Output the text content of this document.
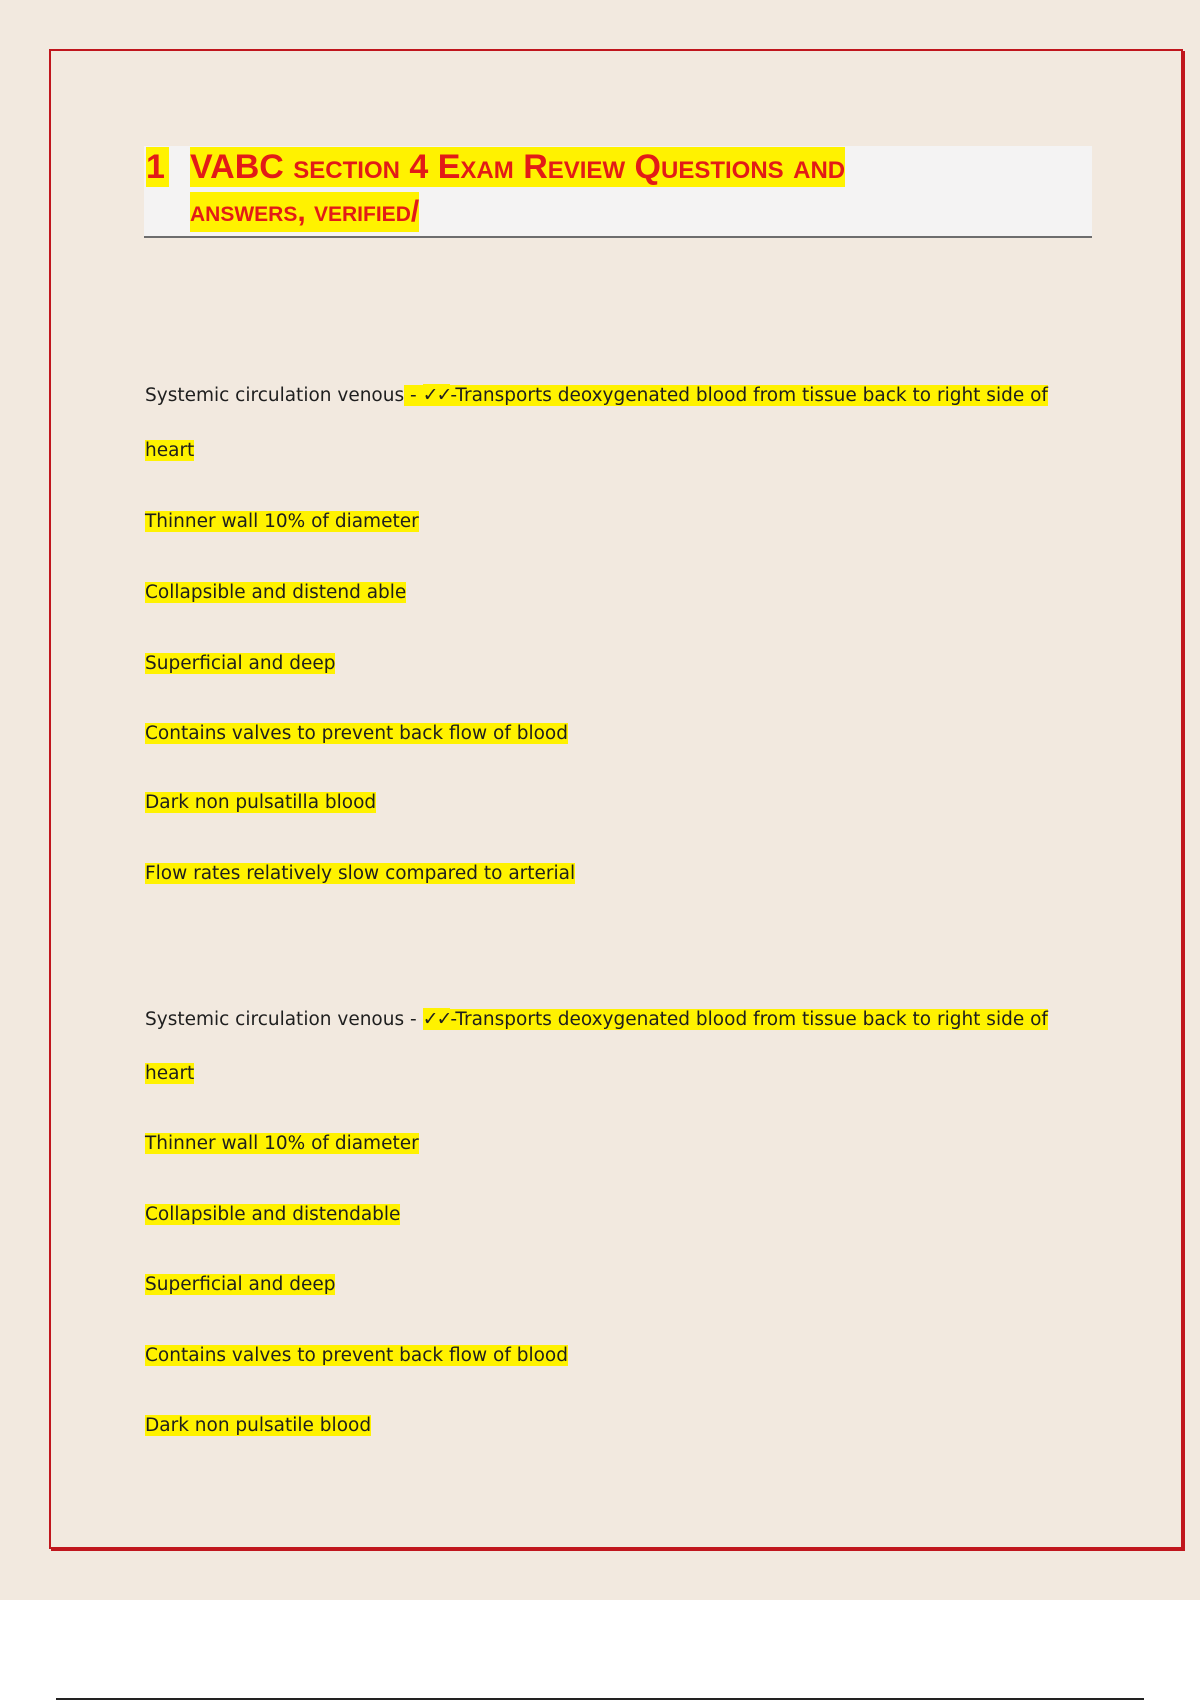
1 VABC section 4 Exam Review Questions and
answers, verified/
Systemic circulation venous - ✓✓-Transports deoxygenated blood from tissue back to right side of
heart
Thinner wall 10% of diameter
Collapsible and distend able
Superficial and deep
Contains valves to prevent back flow of blood
Dark non pulsatilla blood
Flow rates relatively slow compared to arterial
Systemic circulation venous - ✓✓-Transports deoxygenated blood from tissue back to right side of
heart
Thinner wall 10% of diameter
Collapsible and distendable
Superficial and deep
Contains valves to prevent back flow of blood
Dark non pulsatile blood
